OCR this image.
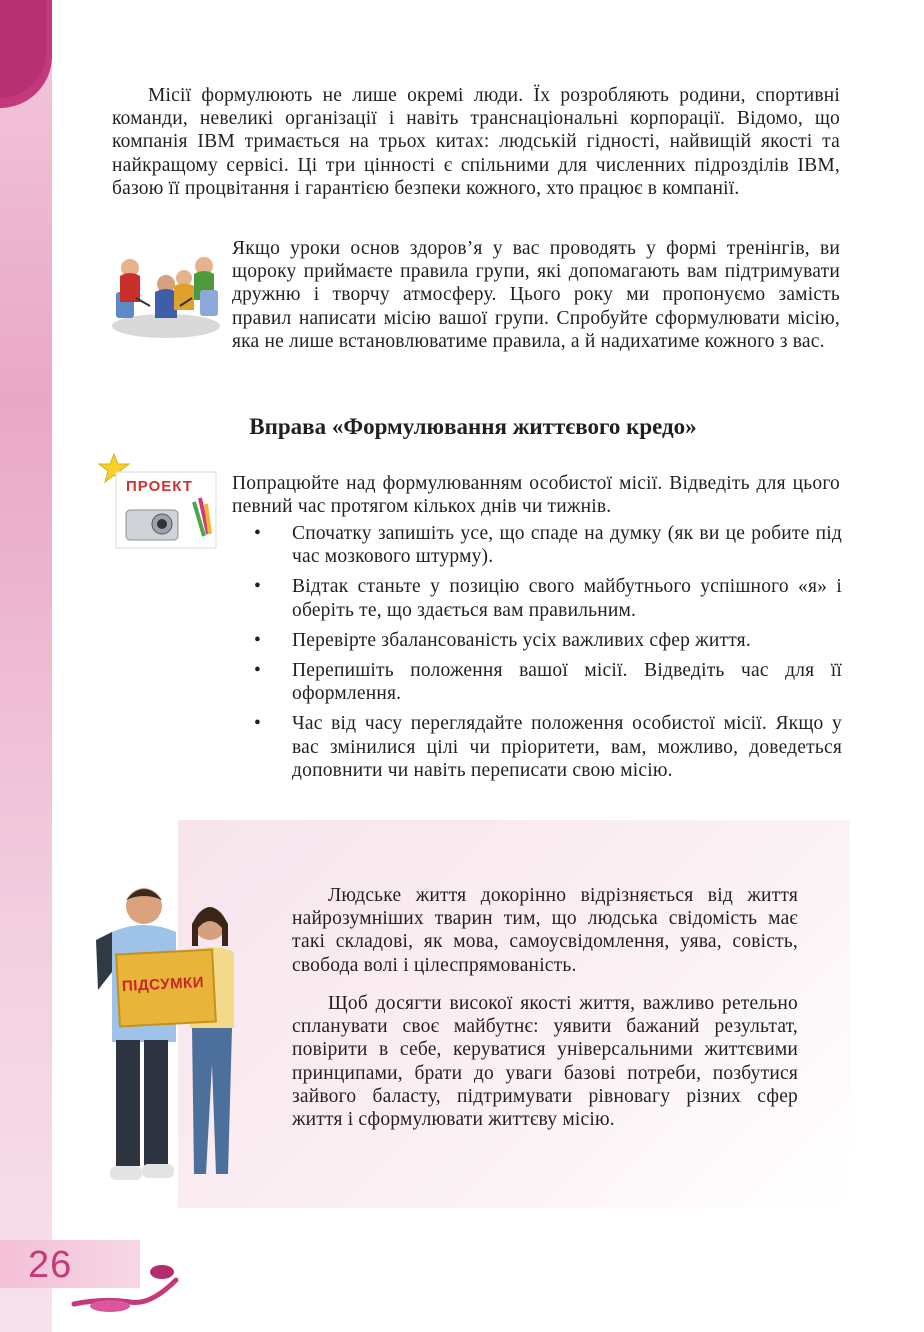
Місії формулюють не лише окремі люди. Їх розробляють родини, спортивні команди, невеликі організації і навіть транснаціональні корпорації. Відомо, що компанія IBM тримається на трьох китах: людській гідності, найвищій якості та найкращому сервісі. Ці три цінності є спільними для численних підрозділів IBM, базою її процвітання і гарантією безпеки кожного, хто працює в компанії.

Якщо уроки основ здоров’я у вас проводять у формі тренінгів, ви щороку приймаєте правила групи, які допомагають вам підтримувати дружню і творчу атмосферу. Цього року ми пропонуємо замість правил написати місію вашої групи. Спробуйте сформулювати місію, яка не лише встановлюватиме правила, а й надихатиме кожного з вас.

Вправа «Формулювання життєвого кредо»
ПРОЕКТ Попрацюйте над формулюванням особистої місії. Відведіть для цього певний час протягом кількох днів чи тижнів.

• Спочатку запишіть усе, що спаде на думку (як ви це робите під час мозкового штурму).
• Відтак станьте у позицію свого майбутнього успішного «я» і оберіть те, що здається вам правильним.
• Перевірте збалансованість усіх важливих сфер життя.
• Перепишіть положення вашої місії. Відведіть час для її оформлення.
• Час від часу переглядайте положення особистої місії. Якщо у вас змінилися цілі чи пріоритети, вам, можливо, доведеться доповнити чи навіть переписати свою місію.
ПІДСУМКИ

Людське життя докорінно відрізняється від життя найрозумніших тварин тим, що людська свідомість має такі складові, як мова, самоусвідомлення, уява, совість, свобода волі і цілеспрямованість.

Щоб досягти високої якості життя, важливо ретельно спланувати своє майбутнє: уявити бажаний результат, повірити в себе, керуватися універсальними життєвими принципами, брати до уваги базові потреби, позбутися зайвого баласту, підтримувати рівновагу різних сфер життя і сформулювати життєву місію.

26
